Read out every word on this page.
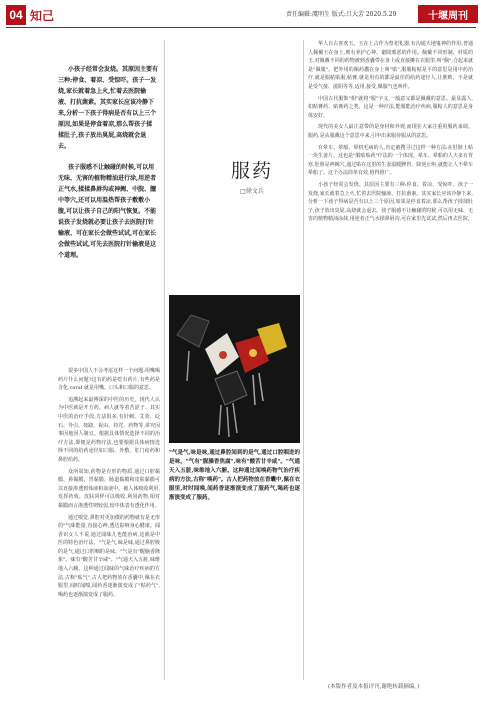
04 知己	责任编辑:虞明生 版式:吕大芳 2020.5.29	十堰周刊

小孩子经常会发烧。其原因主要有三种:停食、着凉、受惊吓。孩子一发烧,家长就着急上火,忙着去医院输液、打抗菌素。其实家长应该冷静下来,分析一下孩子得病是否有以上三个原因,如果是停食着凉,那么帮孩子揉揉肚子,孩子放出臭屁,高烧就会退去。

孩子服感不让触碰的时候,可以用无味、无害的植物精油进行涂,用逆者正气水,揉揉鼻唇沟或神阙、中脘、膻中等穴,还可以用温热帮孩子敷敷小腹,可以让孩子自己的阳气恢复。不能说孩子发烧就必要让孩子去医院打针输液、可在家长会做些试试,可在家长会做些试试,可先去医院打针输液是这个道理。

很多中国人不会考虑这样一个问题:用嘴喝药片什么问题?这有的药是吃有药片,有些药是含化,coral 就是用嘴、口头和口服的意思。

追溯起来最搏深的中医的历史。现代人认为中医就是开方药。病人就等着苦涩子。其实中医的治疗手段,方法很多,有针刺、艾灸、砭石、导引、按跷、祝由、持咒、药物等,讲究因事因地因人制宜。根据具体情况选择不同的治疗方法,即便是药物疗法,也要根据具体病情选择不同的给药途径如口服、外敷、肛门给药和鼻腔给药。

众所周知,药物是有形的物质,通过口腔黏膜、鼻黏膜、胃黏膜、肠道黏膜和皮肤黏膜可以直接渗透到体液和血液中。被人体吸收利用,发挥药效。皮肤同样可以吸收,利用药物,相对黏膜而言渗透性则较弱,较中体表有透化作用。

通过嗅觉,鼻腔对更加微的药物就有是无形的"气味能量,直接心神,透达影响身心健康。闻香识女人不说,通过闻味儿也能治病,这就是中医的特色治疗法。"气是气,味是味,通过鼻腔吸的是气,通过口腔咽的是味。"气是有"醒脑香隆象"、味有"酸苦甘辛咸"。"气通天入五脏,味维地入六腑。这种通过闻味的气味治疗疾病的方法,古称"贴气",古人把药物放在香囊中,佩在衣服里,闻时闻嗅,闻药香逐渐演变成了"贴药气",喝药也逐渐演变成了服药。

服药
□徐文兵
"气是气,味是味,通过鼻腔闻到的是气,通过口腔咽进的是味。"气有"腥臊香焦腐",味有"酸苦甘辛咸"。"气通天入五脏,味维地入六腑。这种通过闻嗅药物气治疗疾病的方法,古称"嗅药"。古人把药物放在香囊中,佩在衣服里,时时闻嗅,闻药香逐渐演变成了服药气,喝药也逐渐演变成了服药。

华人自古喜欢玉。玉在上古作为祭祀礼器,有沟通天地鬼神的作用;普通人佩戴玉在身上,则有养护心神、避除邪恶的作用。佩戴不同形制、材质的玉,对佩戴不同的药物被到香囊带在身上或直接摊在衣服里,叫"佩",合起来就是"佩服"。把外用的佩药撒在身上叫"贴",服服帖帖是平的意思是用中药治疗,就是服帖贴服,帖膏,就是用有的都是最佳的给药途径人,让胜败、不是就是受气接、滋阴等等,适用,接受,佩服气也叫作。

中国古代服饰"相"就将"服"字义,一般意义都是佩戴的意思。最显露人,如贴膏药、贴膏药之类。这是一种疗法,能服能治疗疾病,服帖人的意思是身体安好。

现代的美女人最注意带的是身材和外观,而现在大家注重用服药来调。服药,是从服戴这个意思中来,引申出来服侍服从的意思。

有晕车、晕船、晕机毛病的人,肯定被搜寻过这样一种方法:在肚脐上贴一块生姜片。这也是"服贴贴药"疗法的一个体现。晕车、晕船的人大多有胃寒,肚脐是神阙穴,通过贴在这里的生姜温暖脾胃、降逆止呕,就能让人不晕车晕船了。这个办法简单有效,值得推广。

小孩子经常会发烧。其原因主要有三种:停食、着凉、受惊吓。孩子一发烧,家长就着急上火,忙着去医院输液、打抗菌素。其实家长应该冷静下来,分析一下孩子得病是否有以上三个原因,如果是停食着凉,那么帮孩子揉揉肚子,孩子放出臭屁,高烧就会退去。孩子服感不让触碰的时候,可以用无味、无害的植物精油涂抹,用逆者正气水揉鼻唇沟,可在家里先试试,然后再去医院。

(本版作者及本报评刊,谢绝转载摘编。)
